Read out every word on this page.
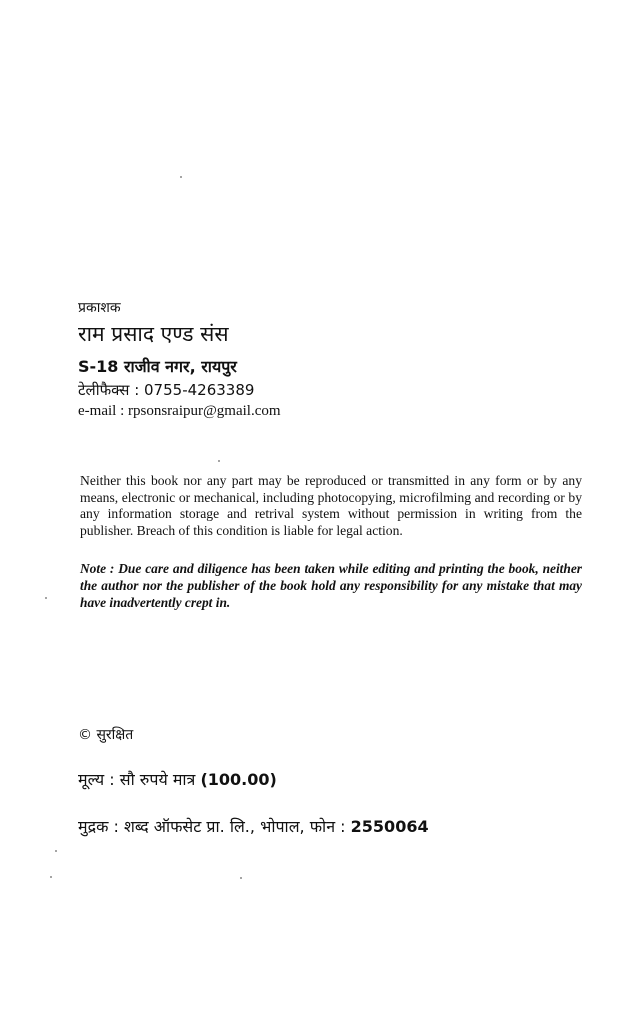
प्रकाशक
राम प्रसाद एण्ड संस
S-18 राजीव नगर, रायपुर
टेलीफैक्स : 0755-4263389
e-mail : rpsonsraipur@gmail.com
Neither this book nor any part may be reproduced or transmitted in any form or by any means, electronic or mechanical, including photocopying, microfilming and recording or by any information storage and retrival system without permission in writing from the publisher. Breach of this condition is liable for legal action.
Note : Due care and diligence has been taken while editing and printing the book, neither the author nor the publisher of the book hold any responsibility for any mistake that may have inadvertently crept in.
© सुरक्षित
मूल्य : सौ रुपये मात्र (100.00)
मुद्रक : शब्द ऑफसेट प्रा. लि., भोपाल, फोन : 2550064
